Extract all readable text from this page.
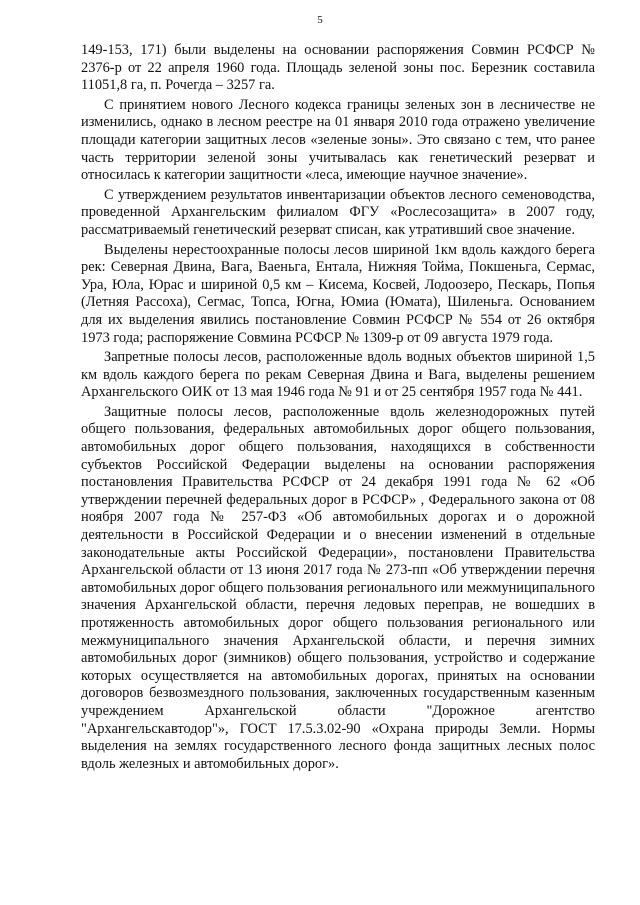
5

149-153, 171) были выделены на основании распоряжения Совмин РСФСР № 2376-р от 22 апреля 1960 года. Площадь зеленой зоны пос. Березник составила 11051,8 га, п. Рочегда – 3257 га.

С принятием нового Лесного кодекса границы зеленых зон в лесничестве не изменились, однако в лесном реестре на 01 января 2010 года отражено увеличение площади категории защитных лесов «зеленые зоны». Это связано с тем, что ранее часть территории зеленой зоны учитывалась как генетический резерват и относилась к категории защитности «леса, имеющие научное значение».

С утверждением результатов инвентаризации объектов лесного семеноводства, проведенной Архангельским филиалом ФГУ «Рослесозащита» в 2007 году, рассматриваемый генетический резерват списан, как утративший свое значение.

Выделены нерестоохранные полосы лесов шириной 1км вдоль каждого берега рек: Северная Двина, Вага, Ваеньга, Ентала, Нижняя Тойма, Покшеньга, Сермас, Ура, Юла, Юрас и шириной 0,5 км – Кисема, Косвей, Лодоозеро, Пескарь, Попья (Летняя Рассоха), Сегмас, Топса, Югна, Юмиа (Юмата), Шиленьга. Основанием для их выделения явились постановление Совмин РСФСР № 554 от 26 октября 1973 года; распоряжение Совмина РСФСР № 1309-р от 09 августа 1979 года.

Запретные полосы лесов, расположенные вдоль водных объектов шириной 1,5 км вдоль каждого берега по рекам Северная Двина и Вага, выделены решением Архангельского ОИК от 13 мая 1946 года № 91 и от 25 сентября 1957 года № 441.

Защитные полосы лесов, расположенные вдоль железнодорожных путей общего пользования, федеральных автомобильных дорог общего пользования, автомобильных дорог общего пользования, находящихся в собственности субъектов Российской Федерации выделены на основании распоряжения постановления Правительства РСФСР от 24 декабря 1991 года № 62 «Об утверждении перечней федеральных дорог в РСФСР» , Федерального закона от 08 ноября 2007 года № 257-ФЗ «Об автомобильных дорогах и о дорожной деятельности в Российской Федерации и о внесении изменений в отдельные законодательные акты Российской Федерации», постановлени Правительства Архангельской области от 13 июня 2017 года № 273-пп «Об утверждении перечня автомобильных дорог общего пользования регионального или межмуниципального значения Архангельской области, перечня ледовых переправ, не вошедших в протяженность автомобильных дорог общего пользования регионального или межмуниципального значения Архангельской области, и перечня зимних автомобильных дорог (зимников) общего пользования, устройство и содержание которых осуществляется на автомобильных дорогах, принятых на основании договоров безвозмездного пользования, заключенных государственным казенным учреждением Архангельской области "Дорожное агентство "Архангельскавтодор"», ГОСТ 17.5.3.02-90 «Охрана природы Земли. Нормы выделения на землях государственного лесного фонда защитных лесных полос вдоль железных и автомобильных дорог».
